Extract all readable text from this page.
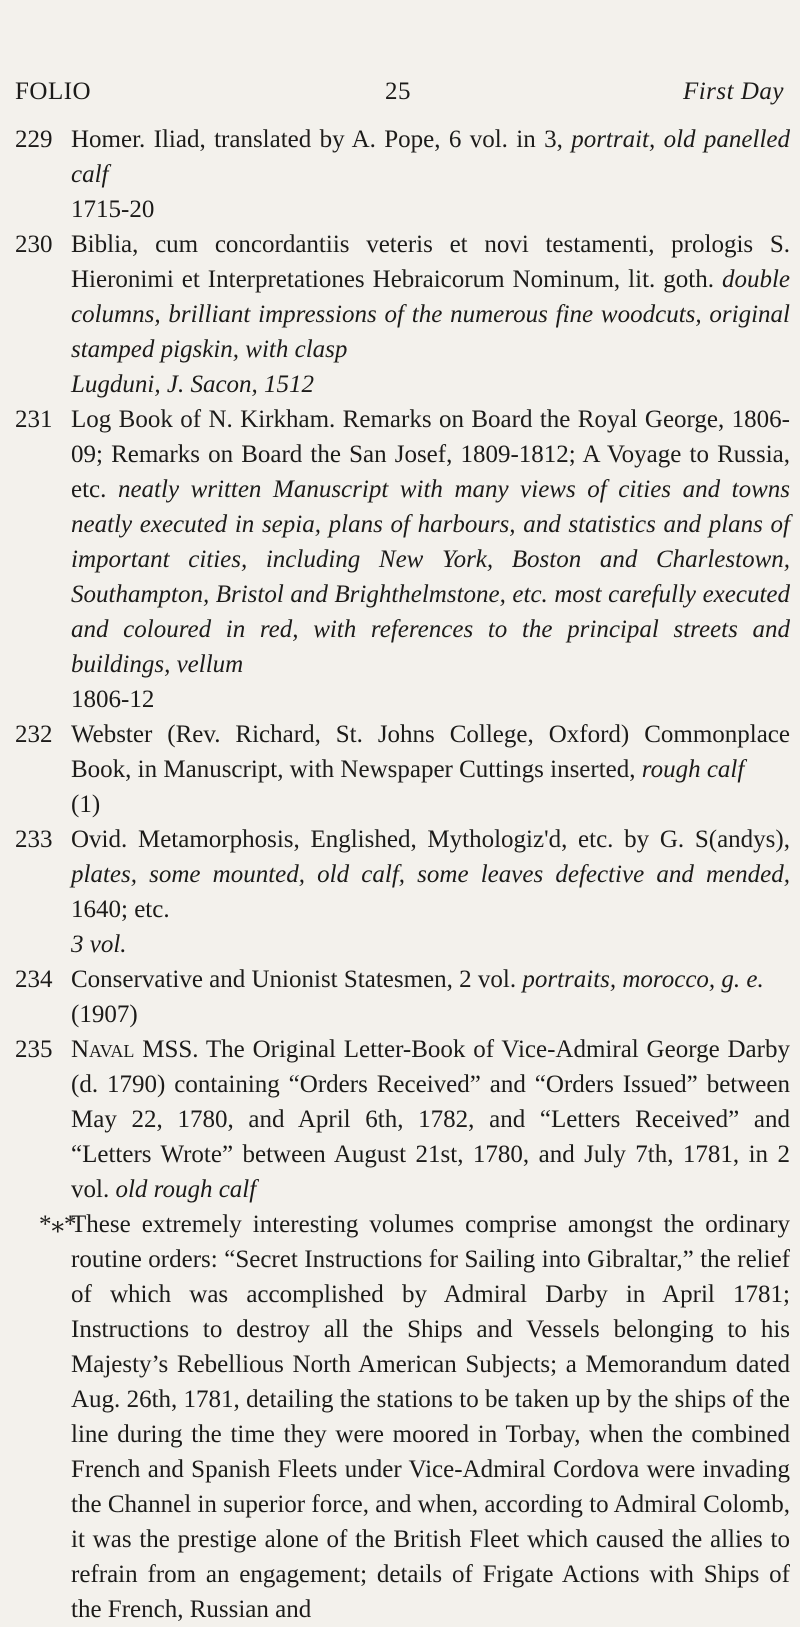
FOLIO	25	First Day
229 Homer. Iliad, translated by A. Pope, 6 vol. in 3, portrait, old panelled calf
1715-20
230 Biblia, cum concordantiis veteris et novi testamenti, prologis S. Hieronimi et Interpretationes Hebraicorum Nominum, lit. goth. double columns, brilliant impressions of the numerous fine woodcuts, original stamped pigskin, with clasp
Lugduni, J. Sacon, 1512
231 Log Book of N. Kirkham. Remarks on Board the Royal George, 1806-09; Remarks on Board the San Josef, 1809-1812; A Voyage to Russia, etc. neatly written Manuscript with many views of cities and towns neatly executed in sepia, plans of harbours, and statistics and plans of important cities, including New York, Boston and Charlestown, Southampton, Bristol and Brighthelmstone, etc. most carefully executed and coloured in red, with references to the principal streets and buildings, vellum
1806-12
232 Webster (Rev. Richard, St. Johns College, Oxford) Commonplace Book, in Manuscript, with Newspaper Cuttings inserted, rough calf
(1)
233 Ovid. Metamorphosis, Englished, Mythologiz'd, etc. by G. S(andys), plates, some mounted, old calf, some leaves defective and mended, 1640; etc.
3 vol.
234 Conservative and Unionist Statesmen, 2 vol. portraits, morocco, g. e.
(1907)
235 Naval MSS. The Original Letter-Book of Vice-Admiral George Darby (d. 1790) containing “Orders Received” and “Orders Issued” between May 22, 1780, and April 6th, 1782, and “Letters Received” and “Letters Wrote” between August 21st, 1780, and July 7th, 1781, in 2 vol. old rough calf
*⁎*
These extremely interesting volumes comprise amongst the ordinary routine orders: “Secret Instructions for Sailing into Gibraltar,” the relief of which was accomplished by Admiral Darby in April 1781; Instructions to destroy all the Ships and Vessels belonging to his Majesty’s Rebellious North American Subjects; a Memorandum dated Aug. 26th, 1781, detailing the stations to be taken up by the ships of the line during the time they were moored in Torbay, when the combined French and Spanish Fleets under Vice-Admiral Cordova were invading the Channel in superior force, and when, according to Admiral Colomb, it was the prestige alone of the British Fleet which caused the allies to refrain from an engagement; details of Frigate Actions with Ships of the French, Russian and
